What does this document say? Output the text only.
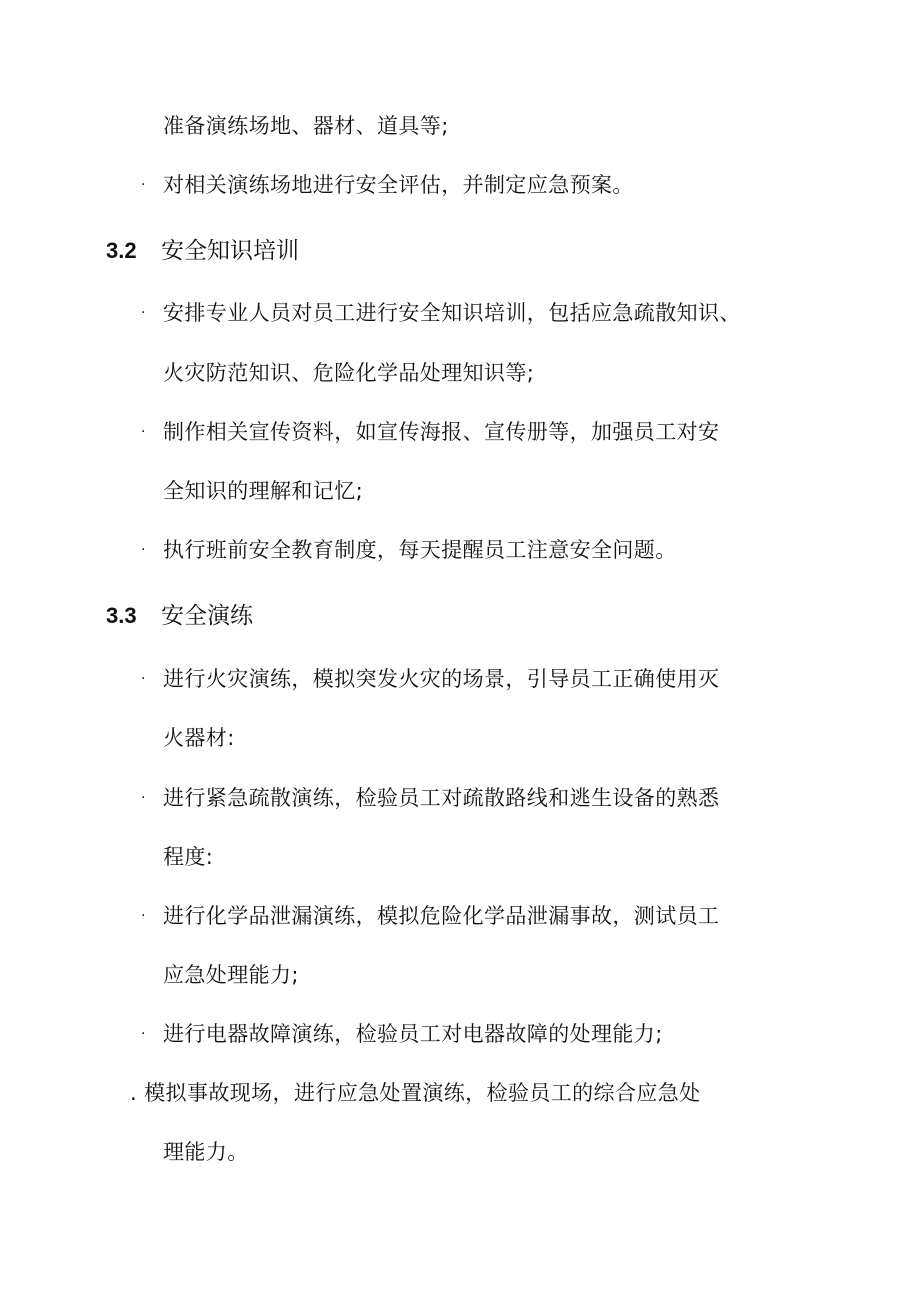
准备演练场地、器材、道具等;
· 对相关演练场地进行安全评估，并制定应急预案。
3.2 安全知识培训
· 安排专业人员对员工进行安全知识培训，包括应急疏散知识、
火灾防范知识、危险化学品处理知识等;
· 制作相关宣传资料，如宣传海报、宣传册等，加强员工对安
全知识的理解和记忆;
· 执行班前安全教育制度，每天提醒员工注意安全问题。
3.3 安全演练
· 进行火灾演练，模拟突发火灾的场景，引导员工正确使用灭
火器材:
· 进行紧急疏散演练，检验员工对疏散路线和逃生设备的熟悉
程度:
· 进行化学品泄漏演练，模拟危险化学品泄漏事故，测试员工
应急处理能力;
· 进行电器故障演练，检验员工对电器故障的处理能力;
. 模拟事故现场，进行应急处置演练，检验员工的综合应急处
理能力。
